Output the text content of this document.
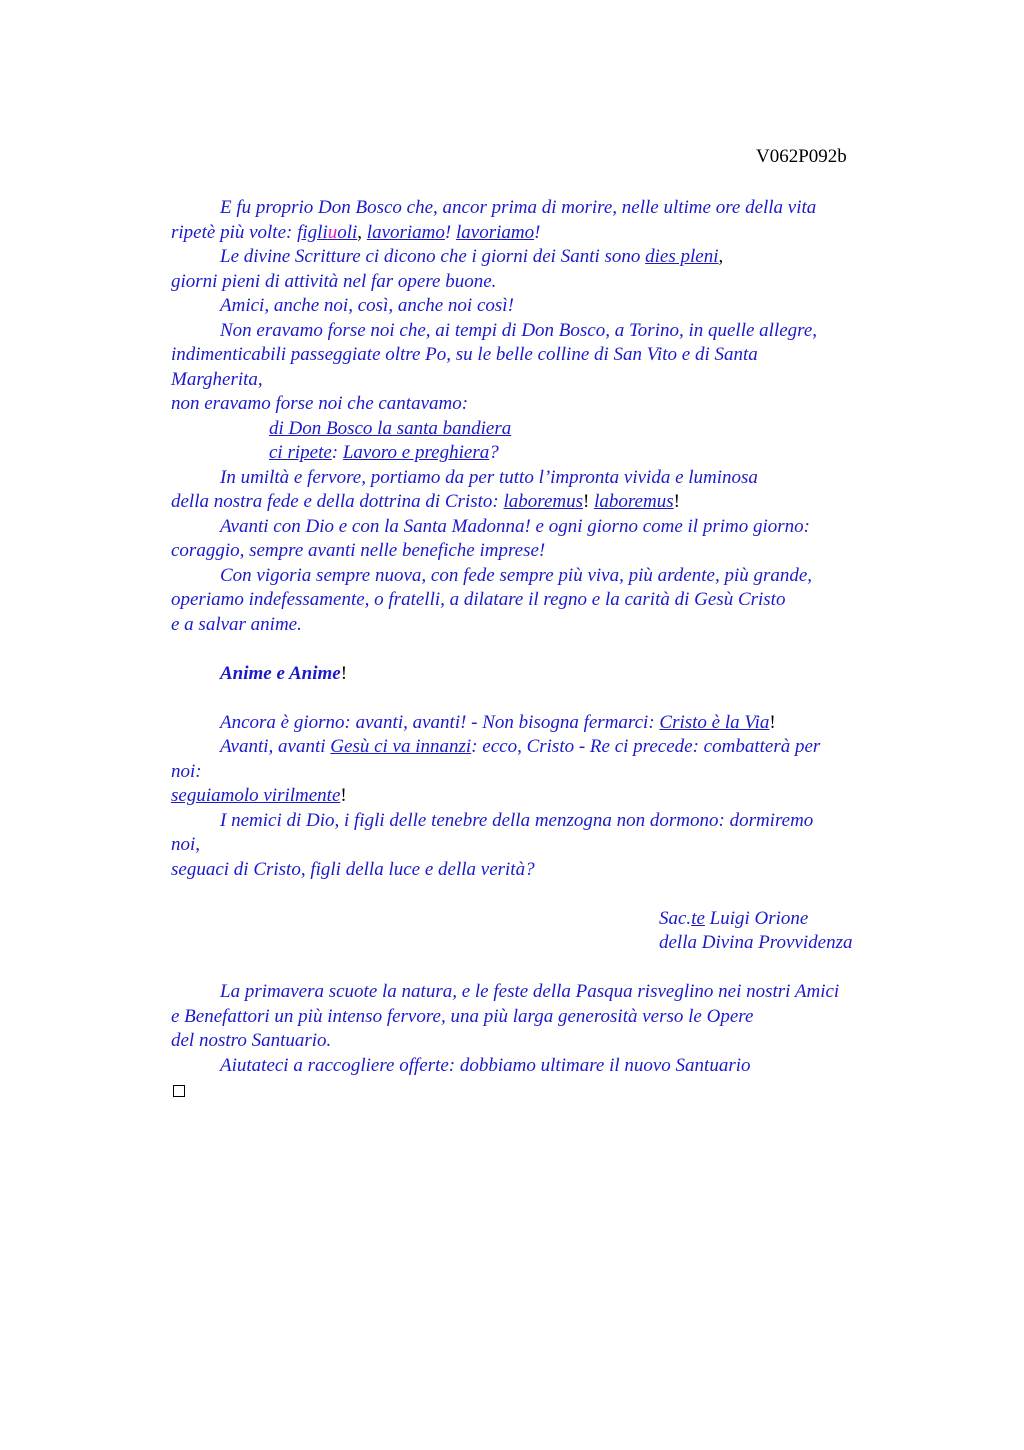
V062P092b
E fu proprio Don Bosco che, ancor prima di morire, nelle ultime ore della vita
ripetè più volte: figliuoli, lavoriamo! lavoriamo!
Le divine Scritture ci dicono che i giorni dei Santi sono dies pleni,
giorni pieni di attività nel far opere buone.
Amici, anche noi, così, anche noi così!
Non eravamo forse noi che, ai tempi di Don Bosco, a Torino, in quelle allegre,
indimenticabili passeggiate oltre Po, su le belle colline di San Vito e di Santa
Margherita,
non eravamo forse noi che cantavamo:
di Don Bosco la santa bandiera
ci ripete: Lavoro e preghiera?
In umiltà e fervore, portiamo da per tutto l’impronta vivida e luminosa
della nostra fede e della dottrina di Cristo: laboremus! laboremus!
Avanti con Dio e con la Santa Madonna! e ogni giorno come il primo giorno:
coraggio, sempre avanti nelle benefiche imprese!
Con vigoria sempre nuova, con fede sempre più viva, più ardente, più grande,
operiamo indefessamente, o fratelli, a dilatare il regno e la carità di Gesù Cristo
e a salvar anime.
Anime e Anime!
Ancora è giorno: avanti, avanti! - Non bisogna fermarci: Cristo è la Via!
Avanti, avanti Gesù ci va innanzi: ecco, Cristo - Re ci precede: combatterà per
noi:
seguiamolo virilmente!
I nemici di Dio, i figli delle tenebre della menzogna non dormono: dormiremo
noi,
seguaci di Cristo, figli della luce e della verità?
Sac.te Luigi Orione
della Divina Provvidenza
La primavera scuote la natura, e le feste della Pasqua risveglino nei nostri Amici
e Benefattori un più intenso fervore, una più larga generosità verso le Opere
del nostro Santuario.
Aiutateci a raccogliere offerte: dobbiamo ultimare il nuovo Santuario
